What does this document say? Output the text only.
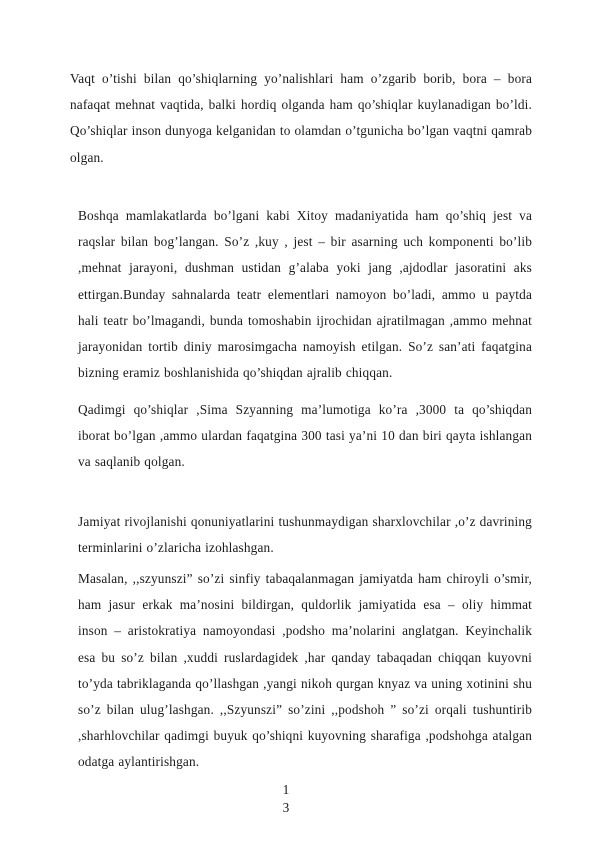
Vaqt o’tishi bilan qo’shiqlarning yo’nalishlari ham o’zgarib borib, bora – bora nafaqat mehnat vaqtida, balki hordiq olganda ham qo’shiqlar kuylanadigan bo’ldi. Qo’shiqlar inson dunyoga kelganidan to olamdan o’tgunicha bo’lgan vaqtni qamrab olgan.

Boshqa mamlakatlarda bo’lgani kabi Xitoy madaniyatida ham qo’shiq jest va raqslar bilan bog’langan. So’z ,kuy , jest – bir asarning uch komponenti bo’lib ,mehnat jarayoni, dushman ustidan g’alaba yoki jang ,ajdodlar jasoratini aks ettirgan.Bunday sahnalarda teatr elementlari namoyon bo’ladi, ammo u paytda hali teatr bo’lmagandi, bunda tomoshabin ijrochidan ajratilmagan ,ammo mehnat jarayonidan tortib diniy marosimgacha namoyish etilgan. So’z san’ati faqatgina bizning eramiz boshlanishida qo’shiqdan ajralib chiqqan.

Qadimgi qo’shiqlar ,Sima Szyanning ma’lumotiga ko’ra ,3000 ta qo’shiqdan iborat bo’lgan ,ammo ulardan faqatgina 300 tasi ya’ni 10 dan biri qayta ishlangan va saqlanib qolgan.

Jamiyat rivojlanishi qonuniyatlarini tushunmaydigan sharxlovchilar ,o’z davrining terminlarini o’zlaricha izohlashgan.

Masalan, ,,szyunszi” so’zi sinfiy tabaqalanmagan jamiyatda ham chiroyli o’smir, ham jasur erkak ma’nosini bildirgan, quldorlik jamiyatida esa – oliy himmat inson – aristokratiya namoyondasi ,podsho ma’nolarini anglatgan. Keyinchalik esa bu so’z bilan ,xuddi ruslardagidek ,har qanday tabaqadan chiqqan kuyovni to’yda tabriklaganda qo’llashgan ,yangi nikoh qurgan knyaz va uning xotinini shu so’z bilan ulug’lashgan. ,,Szyunszi” so’zini ,,podshoh ” so’zi orqali tushuntirib ,sharhlovchilar qadimgi buyuk qo’shiqni kuyovning sharafiga ,podshohga atalgan odatga aylantirishgan.

1
3
